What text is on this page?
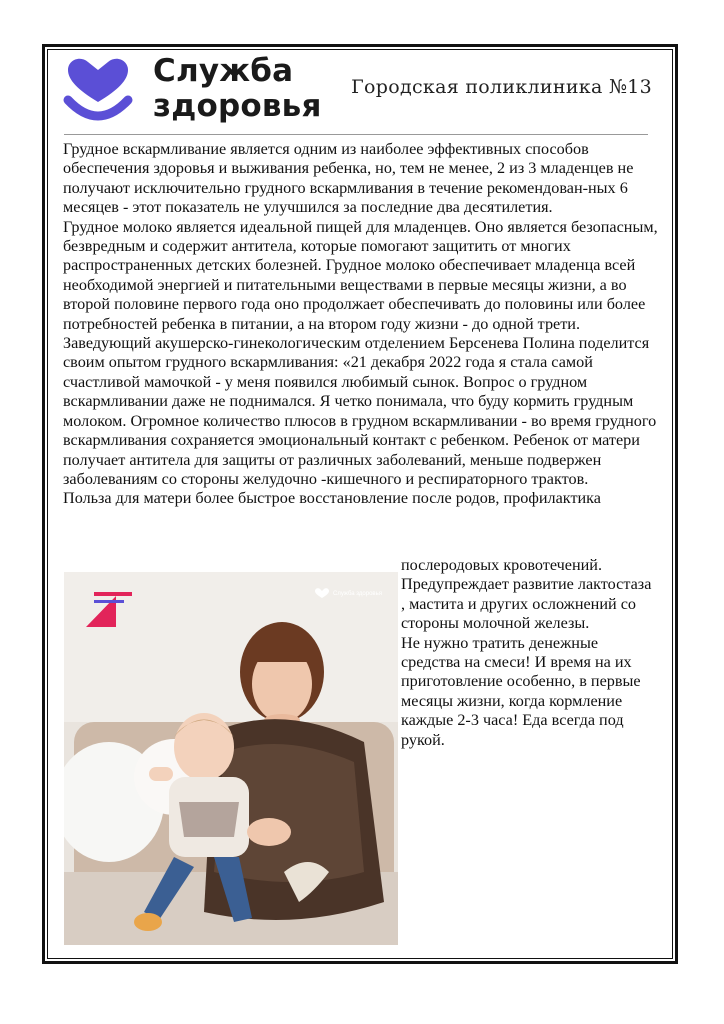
Служба
здоровья
Городская поликлиника №13

Грудное вскармливание является одним из наиболее эффективных способов обеспечения здоровья и выживания ребенка, но, тем не менее, 2 из 3 младенцев не получают исключительно грудного вскармливания в течение рекомендован-ных 6 месяцев - этот показатель не улучшился за последние два десятилетия.

Грудное молоко является идеальной пищей для младенцев. Оно является безопасным, безвредным и содержит антитела, которые помогают защитить от многих распространенных детских болезней. Грудное молоко обеспечивает младенца всей необходимой энергией и питательными веществами в первые месяцы жизни, а во второй половине первого года оно продолжает обеспечивать до половины или более потребностей ребенка в питании, а на втором году жизни - до одной трети.

Заведующий акушерско-гинекологическим отделением Берсенева Полина поделится своим опытом грудного вскармливания: «21 декабря 2022 года я стала самой счастливой мамочкой - у меня появился любимый сынок. Вопрос о грудном вскармливании даже не поднимался. Я четко понимала, что буду кормить грудным молоком. Огромное количество плюсов в грудном вскармливании - во время грудного вскармливания сохраняется эмоциональный контакт с ребенком. Ребенок от матери получает антитела для защиты от различных заболеваний, меньше подвержен заболеваниям со стороны желудочно -кишечного и респираторного трактов.

Польза для матери более быстрое восстановление после родов, профилактика

Служба здоровья

послеродовых кровотечений.

Предупреждает развитие лактостаза , мастита и других осложнений со стороны молочной железы.

Не нужно тратить денежные средства на смеси! И время на их приготовление особенно, в первые месяцы жизни, когда кормление каждые 2-3 часа! Еда всегда под рукой.
